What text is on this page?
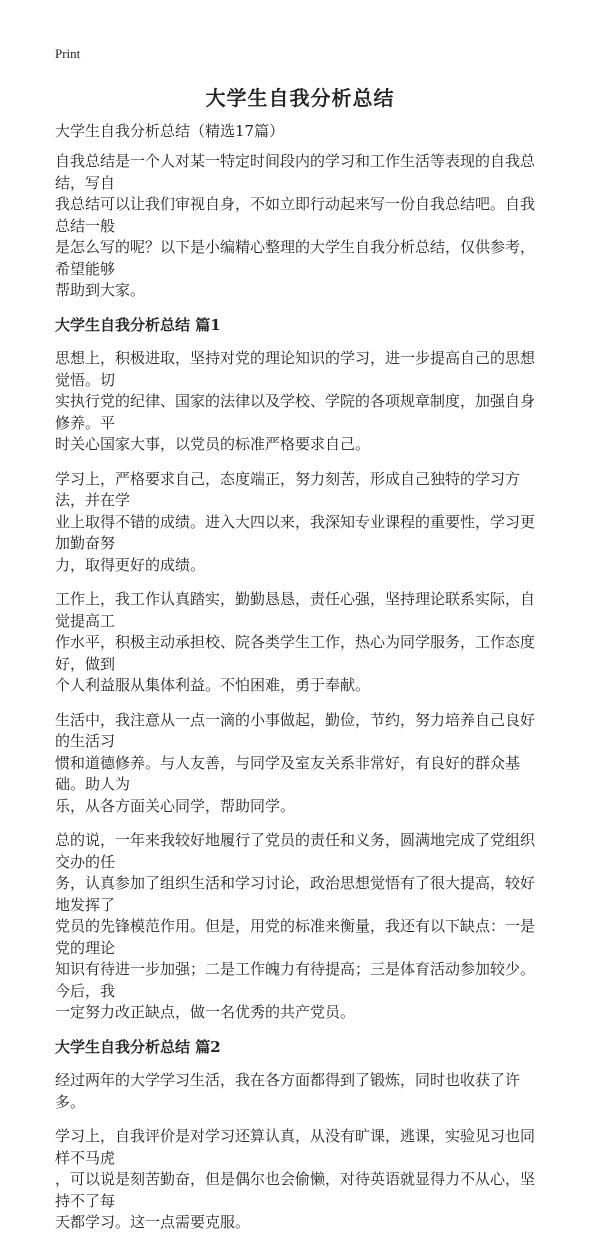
Print
大学生自我分析总结
大学生自我分析总结（精选17篇）
自我总结是一个人对某一特定时间段内的学习和工作生活等表现的自我总结，写自
我总结可以让我们审视自身，不如立即行动起来写一份自我总结吧。自我总结一般
是怎么写的呢？以下是小编精心整理的大学生自我分析总结，仅供参考，希望能够
帮助到大家。
大学生自我分析总结 篇1
思想上，积极进取，坚持对党的理论知识的学习，进一步提高自己的思想觉悟。切
实执行党的纪律、国家的法律以及学校、学院的各项规章制度，加强自身修养。平
时关心国家大事，以党员的标准严格要求自己。
学习上，严格要求自己，态度端正，努力刻苦，形成自己独特的学习方法，并在学
业上取得不错的成绩。进入大四以来，我深知专业课程的重要性，学习更加勤奋努
力，取得更好的成绩。
工作上，我工作认真踏实，勤勤恳恳，责任心强，坚持理论联系实际，自觉提高工
作水平，积极主动承担校、院各类学生工作，热心为同学服务，工作态度好，做到
个人利益服从集体利益。不怕困难，勇于奉献。
生活中，我注意从一点一滴的小事做起，勤俭，节约，努力培养自己良好的生活习
惯和道德修养。与人友善，与同学及室友关系非常好，有良好的群众基础。助人为
乐，从各方面关心同学，帮助同学。
总的说，一年来我较好地履行了党员的责任和义务，圆满地完成了党组织交办的任
务，认真参加了组织生活和学习讨论，政治思想觉悟有了很大提高，较好地发挥了
党员的先锋模范作用。但是，用党的标准来衡量，我还有以下缺点：一是党的理论
知识有待进一步加强；二是工作魄力有待提高；三是体育活动参加较少。今后，我
一定努力改正缺点，做一名优秀的共产党员。
大学生自我分析总结 篇2
经过两年的大学学习生活，我在各方面都得到了锻炼，同时也收获了许多。
学习上，自我评价是对学习还算认真，从没有旷课，逃课，实验见习也同样不马虎
，可以说是刻苦勤奋，但是偶尔也会偷懒，对待英语就显得力不从心，坚持不了每
天都学习。这一点需要克服。
